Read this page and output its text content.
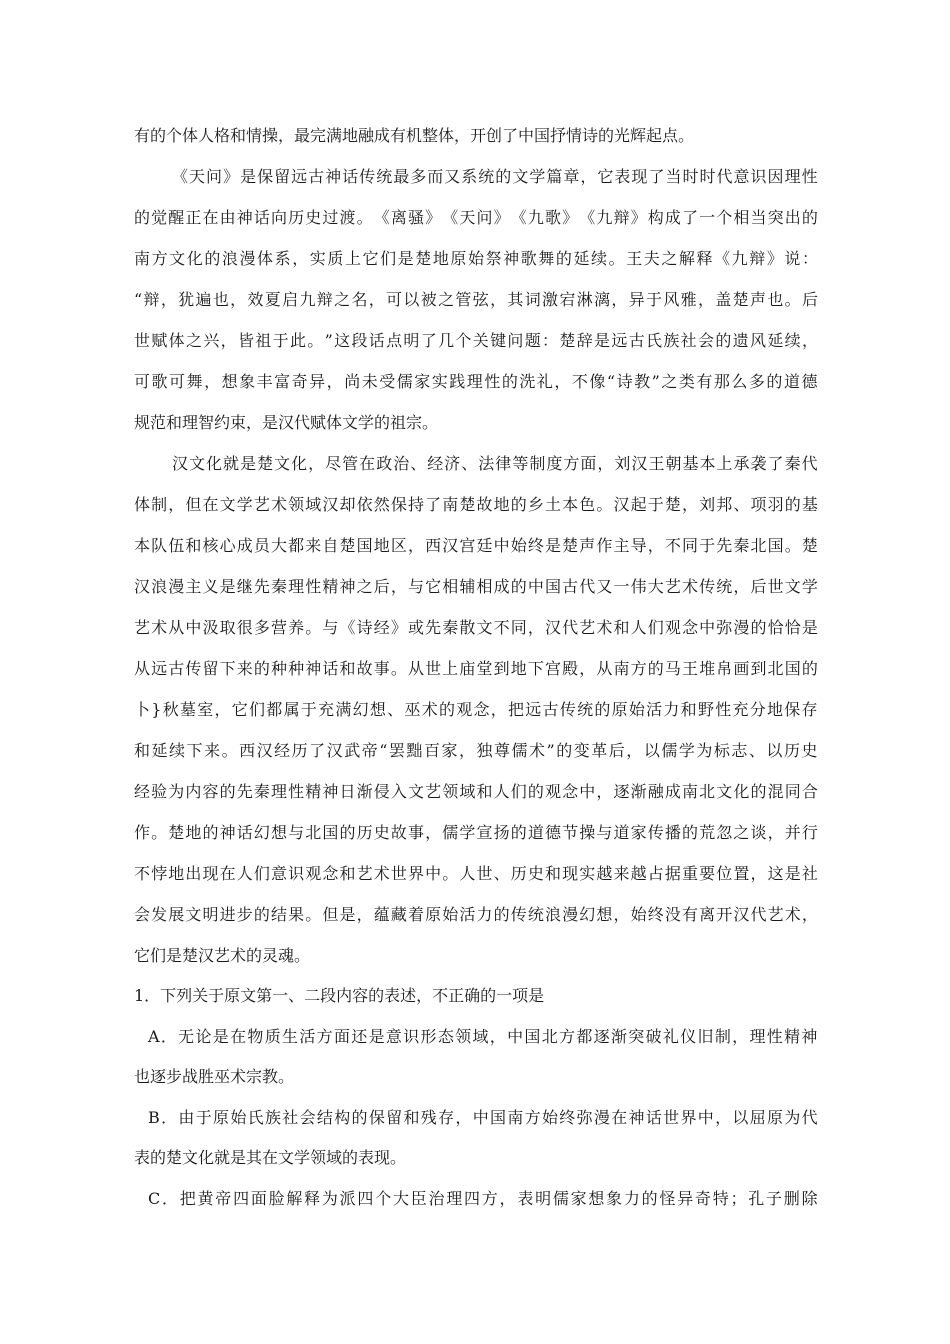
有的个体人格和情操，最完满地融成有机整体，开创了中国抒情诗的光辉起点。
《 天 问 》 是 保 留 远 古 神 话 传 统 最 多 而 又 系 统 的 文 学 篇 章 ， 它 表 现 了 当 时 时 代 意 识 因 理 性
的 觉 醒 正 在 由 神 话 向 历 史 过 渡 。 《 离 骚 》 《 天 问 》 《 九 歌 》 《 九 辩 》 构 成 了 一 个 相 当 突 出 的
南 方 文 化 的 浪 漫 体 系 ， 实 质 上 它 们 是 楚 地 原 始 祭 神 歌 舞 的 延 续 。 王 夫 之 解 释 《 九 辩 》 说 ：
“ 辩 ， 犹 遍 也 ， 效 夏 启 九 辩 之 名 ， 可 以 被 之 管 弦 ， 其 词 激 宕 淋 漓 ， 异 于 风 雅 ， 盖 楚 声 也 。 后
世 赋 体 之 兴 ， 皆 祖 于 此 。 ” 这 段 话 点 明 了 几 个 关 键 问 题 ： 楚 辞 是 远 古 氏 族 社 会 的 遗 风 延 续 ，
可 歌 可 舞 ， 想 象 丰 富 奇 异 ， 尚 未 受 儒 家 实 践 理 性 的 洗 礼 ， 不 像 “ 诗 教 ” 之 类 有 那 么 多 的 道 德
规范和理智约束，是汉代赋体文学的祖宗。
汉 文 化 就 是 楚 文 化 ， 尽 管 在 政 治 、 经 济 、 法 律 等 制 度 方 面 ， 刘 汉 王 朝 基 本 上 承 袭 了 秦 代
体 制 ， 但 在 文 学 艺 术 领 域 汉 却 依 然 保 持 了 南 楚 故 地 的 乡 土 本 色 。 汉 起 于 楚 ， 刘 邦 、 项 羽 的 基
本 队 伍 和 核 心 成 员 大 都 来 自 楚 国 地 区 ， 西 汉 宫 廷 中 始 终 是 楚 声 作 主 导 ， 不 同 于 先 秦 北 国 。 楚
汉 浪 漫 主 义 是 继 先 秦 理 性 精 神 之 后 ， 与 它 相 辅 相 成 的 中 国 古 代 又 一 伟 大 艺 术 传 统 ， 后 世 文 学
艺 术 从 中 汲 取 很 多 营 养 。 与 《 诗 经 》 或 先 秦 散 文 不 同 ， 汉 代 艺 术 和 人 们 观 念 中 弥 漫 的 恰 恰 是
从 远 古 传 留 下 来 的 种 种 神 话 和 故 事 。 从 世 上 庙 堂 到 地 下 宫 殿 ， 从 南 方 的 马 王 堆 帛 画 到 北 国 的
卜 } 秋 墓 室 ， 它 们 都 属 于 充 满 幻 想 、 巫 术 的 观 念 ， 把 远 古 传 统 的 原 始 活 力 和 野 性 充 分 地 保 存
和 延 续 下 来 。 西 汉 经 历 了 汉 武 帝 “ 罢 黜 百 家 ， 独 尊 儒 术 ” 的 变 革 后 ， 以 儒 学 为 标 志 、 以 历 史
经 验 为 内 容 的 先 秦 理 性 精 神 日 渐 侵 入 文 艺 领 域 和 人 们 的 观 念 中 ， 逐 渐 融 成 南 北 文 化 的 混 同 合
作 。 楚 地 的 神 话 幻 想 与 北 国 的 历 史 故 事 ， 儒 学 宣 扬 的 道 德 节 操 与 道 家 传 播 的 荒 忽 之 谈 ， 并 行
不 悖 地 出 现 在 人 们 意 识 观 念 和 艺 术 世 界 中 。 人 世 、 历 史 和 现 实 越 来 越 占 据 重 要 位 置 ， 这 是 社
会 发 展 文 明 进 步 的 结 果 。 但 是 ， 蕴 藏 着 原 始 活 力 的 传 统 浪 漫 幻 想 ， 始 终 没 有 离 开 汉 代 艺 术 ，
它们是楚汉艺术的灵魂。
1．下列关于原文第一、二段内容的表述，不正确的一项是
A ． 无 论 是 在 物 质 生 活 方 面 还 是 意 识 形 态 领 域 ， 中 国 北 方 都 逐 渐 突 破 礼 仪 旧 制 ， 理 性 精 神
也逐步战胜巫术宗教。
B ． 由 于 原 始 氏 族 社 会 结 构 的 保 留 和 残 存 ， 中 国 南 方 始 终 弥 漫 在 神 话 世 界 中 ， 以 屈 原 为 代
表的楚文化就是其在文学领域的表现。
C ． 把 黄 帝 四 面 脸 解 释 为 派 四 个 大 臣 治 理 四 方 ， 表 明 儒 家 想 象 力 的 怪 异 奇 特 ； 孔 子 删 除
